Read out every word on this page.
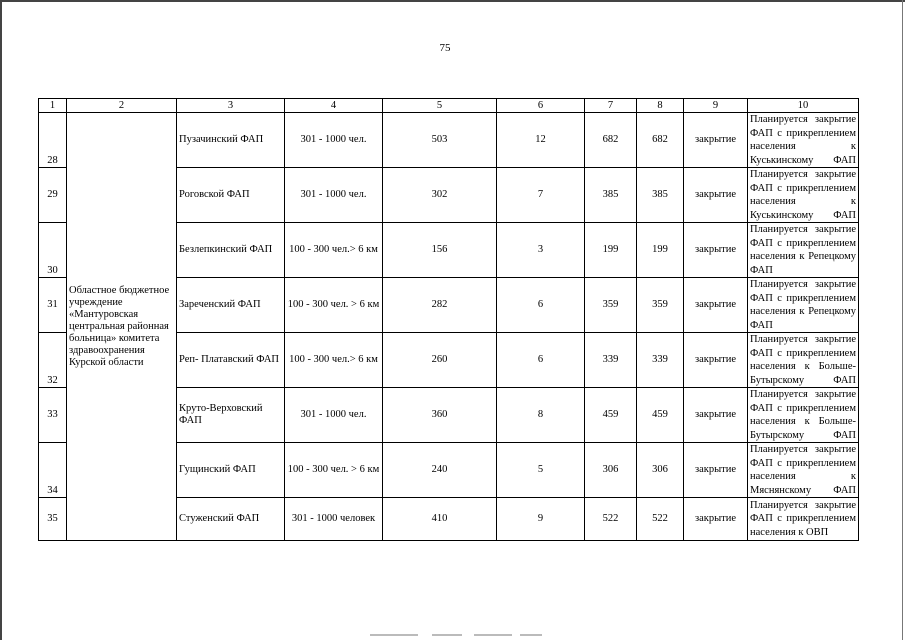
75
1	2	3	4	5	6	7	8	9	10
28	Областное бюджетное учреждение «Мантуровская центральная районная больница» комитета здравоохранения Курской области	Пузачинский ФАП	301 - 1000 чел.	503	12	682	682	закрытие	Планируется закрытие ФАП с прикреплением населения к Куськинскому ФАП
29		Роговской ФАП	301 - 1000 чел.	302	7	385	385	закрытие	Планируется закрытие ФАП с прикреплением населения к Куськинскому ФАП
30		Безлепкинский ФАП	100 - 300 чел.> 6 км	156	3	199	199	закрытие	Планируется закрытие ФАП с прикреплением населения к Репецкому ФАП
31		Зареченский ФАП	100 - 300 чел. > 6 км	282	6	359	359	закрытие	Планируется закрытие ФАП с прикреплением населения к Репецкому ФАП
32		Реп- Платавский ФАП	100 - 300 чел.> 6 км	260	6	339	339	закрытие	Планируется закрытие ФАП с прикреплением населения к Больше-Бутырскому ФАП
33		Круто-Верховский ФАП	301 - 1000 чел.	360	8	459	459	закрытие	Планируется закрытие ФАП с прикреплением населения к Больше-Бутырскому ФАП
34		Гущинский ФАП	100 - 300 чел. > 6 км	240	5	306	306	закрытие	Планируется закрытие ФАП с прикреплением населения к Мяснянскому ФАП
35		Стуженский ФАП	301 - 1000 человек	410	9	522	522	закрытие	Планируется закрытие ФАП с прикреплением населения к ОВП
